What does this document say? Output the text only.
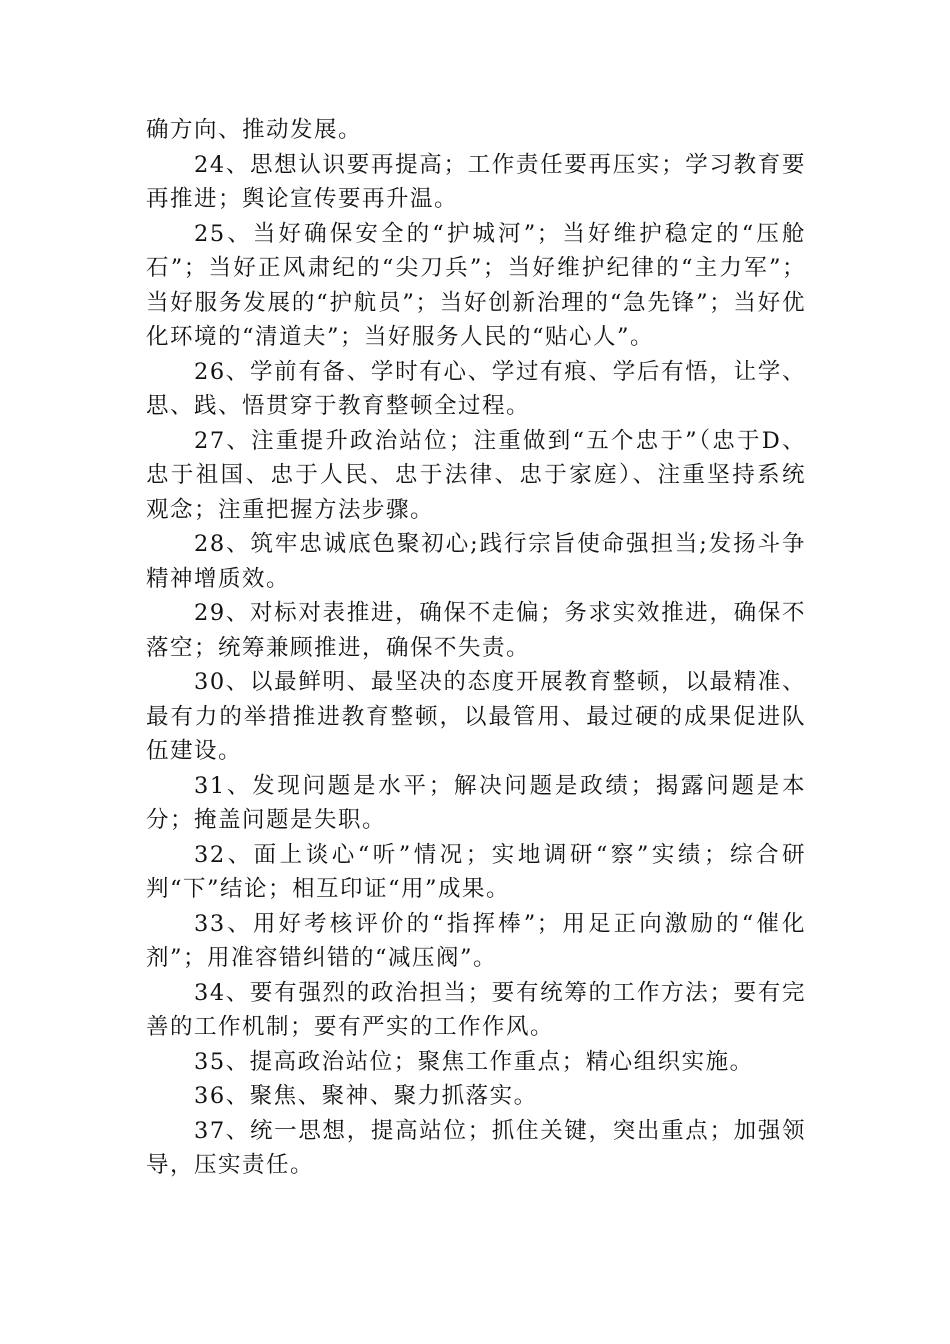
确方向、推动发展。

24、思想认识要再提高；工作责任要再压实；学习教育要再推进；舆论宣传要再升温。

25、当好确保安全的“护城河”；当好维护稳定的“压舱石”；当好正风肃纪的“尖刀兵”；当好维护纪律的“主力军”；当好服务发展的“护航员”；当好创新治理的“急先锋”；当好优化环境的“清道夫”；当好服务人民的“贴心人”。

26、学前有备、学时有心、学过有痕、学后有悟，让学、思、践、悟贯穿于教育整顿全过程。

27、注重提升政治站位；注重做到“五个忠于”（忠于D、忠于祖国、忠于人民、忠于法律、忠于家庭）、注重坚持系统观念；注重把握方法步骤。

28、筑牢忠诚底色聚初心;践行宗旨使命强担当;发扬斗争精神增质效。

29、对标对表推进，确保不走偏；务求实效推进，确保不落空；统筹兼顾推进，确保不失责。

30、以最鲜明、最坚决的态度开展教育整顿，以最精准、最有力的举措推进教育整顿，以最管用、最过硬的成果促进队伍建设。

31、发现问题是水平；解决问题是政绩；揭露问题是本分；掩盖问题是失职。

32、面上谈心“听”情况；实地调研“察”实绩；综合研判“下”结论；相互印证“用”成果。

33、用好考核评价的“指挥棒”；用足正向激励的“催化剂”；用准容错纠错的“减压阀”。

34、要有强烈的政治担当；要有统筹的工作方法；要有完善的工作机制；要有严实的工作作风。

35、提高政治站位；聚焦工作重点；精心组织实施。

36、聚焦、聚神、聚力抓落实。

37、统一思想，提高站位；抓住关键，突出重点；加强领导，压实责任。
